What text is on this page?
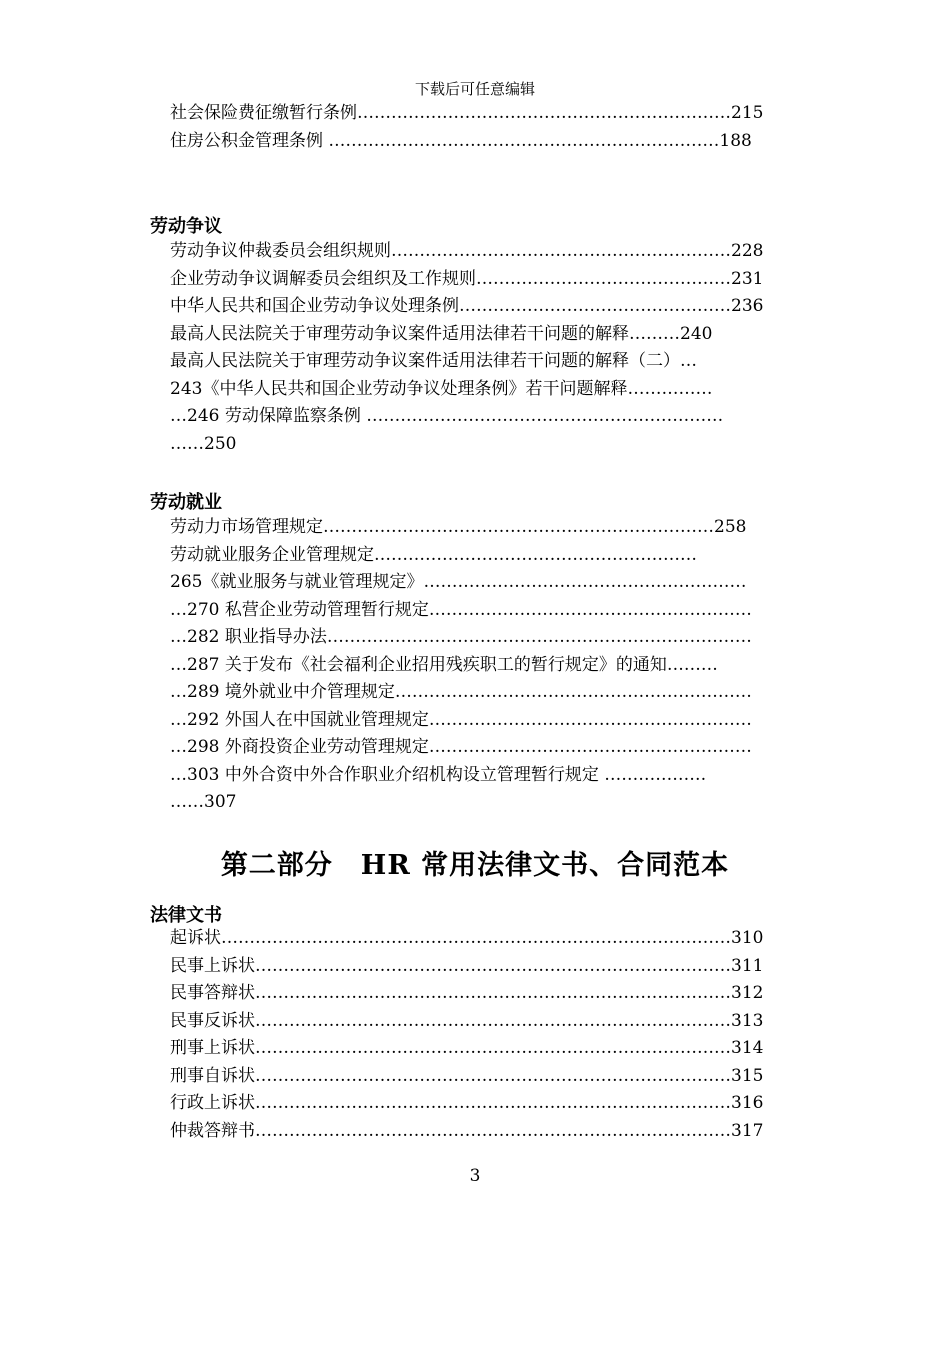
下载后可任意编辑
社会保险费征缴暂行条例…………………………………………………………215
住房公积金管理条例 ……………………………………………………………188
劳动争议
劳动争议仲裁委员会组织规则……………………………………………………228
企业劳动争议调解委员会组织及工作规则………………………………………231
中华人民共和国企业劳动争议处理条例…………………………………………236
最高人民法院关于审理劳动争议案件适用法律若干问题的解释………240
最高人民法院关于审理劳动争议案件适用法律若干问题的解释（二）…
243《中华人民共和国企业劳动争议处理条例》若干问题解释……………
…246 劳动保障监察条例 ………………………………………………………
……250
劳动就业
劳动力市场管理规定……………………………………………………………258
劳动就业服务企业管理规定…………………………………………………
265《就业服务与就业管理规定》…………………………………………………
…270 私营企业劳动管理暂行规定…………………………………………………
…282 职业指导办法…………………………………………………………………
…287 关于发布《社会福利企业招用残疾职工的暂行规定》的通知………
…289 境外就业中介管理规定………………………………………………………
…292 外国人在中国就业管理规定…………………………………………………
…298 外商投资企业劳动管理规定…………………………………………………
…303 中外合资中外合作职业介绍机构设立管理暂行规定 ………………
……307
第二部分　HR 常用法律文书、合同范本
法律文书
起诉状………………………………………………………………………………310
民事上诉状…………………………………………………………………………311
民事答辩状…………………………………………………………………………312
民事反诉状…………………………………………………………………………313
刑事上诉状…………………………………………………………………………314
刑事自诉状…………………………………………………………………………315
行政上诉状…………………………………………………………………………316
仲裁答辩书…………………………………………………………………………317
3
